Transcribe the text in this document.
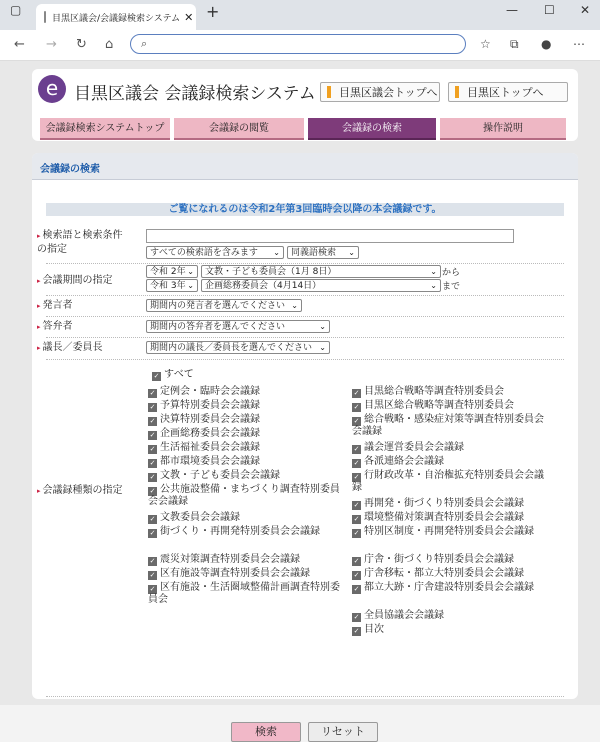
▢
目黒区議会/会議録検索システム ✕ +	— ☐ ✕
← → ↻ ⌂	⌕	☆ ⧉ ● ⋯
e 目黒区議会 会議録検索システム 目黒区議会トップへ	目黒区トップへ
会議録検索システムトップ	会議録の閲覧	会議録の検索	操作説明
会議録の検索
ご覧になれるのは令和2年第3回臨時会以降の本会議録です。
▸ 検索語と検索条件
の指定	すべての検索語を含みます ⌄	同義語検索 ⌄
▸ 会議期間の指定
令和 2年 ⌄	文教・子ども委員会（1月 8日）	⌄ から
令和 3年 ⌄	企画総務委員会（4月14日）	⌄ まで
▸ 発言者	期間内の発言者を選んでください ⌄
▸ 答弁者	期間内の答弁者を選んでください	⌄
▸ 議長／委員長	期間内の議長／委員長を選んでください ⌄
▸ 会議録種類の指定
✓ すべて
検索	リセット
✓ 定例会・臨時会会議録
✓ 予算特別委員会会議録
✓ 決算特別委員会会議録
✓ 企画総務委員会会議録
✓ 生活福祉委員会会議録
✓ 都市環境委員会会議録
✓ 文教・子ども委員会会議録
✓ 公共施設整備・まちづくり調査特別委員会会議録
✓ 文教委員会会議録
✓ 街づくり・再開発特別委員会会議録
✓ 震災対策調査特別委員会会議録
✓ 区有施設等調査特別委員会会議録
✓ 区有施設・生活圏域整備計画調査特別委員会
✓ 目黒総合戦略等調査特別委員会
✓ 目黒区総合戦略等調査特別委員会
✓ 総合戦略・感染症対策等調査特別委員会会議録
✓ 議会運営委員会会議録
✓ 各派連絡会会議録
✓ 行財政改革・自治権拡充特別委員会会議録
✓ 再開発・街づくり特別委員会会議録
✓ 環境整備対策調査特別委員会会議録
✓ 特別区制度・再開発特別委員会会議録
✓ 庁舎・街づくり特別委員会会議録
✓ 庁舎移転・都立大特別委員会会議録
✓ 都立大跡・庁舎建設特別委員会会議録
✓ 全員協議会会議録
✓ 目次
